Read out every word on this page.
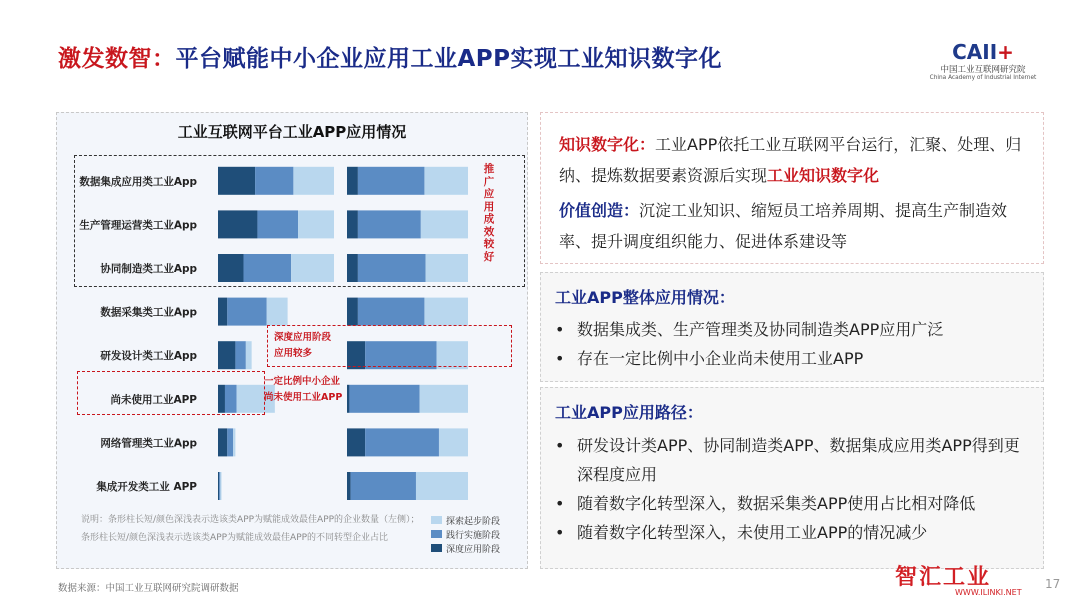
激发数智：平台赋能中小企业应用工业APP实现工业知识数字化	CAII+
中国工业互联网研究院
China Academy of Industrial Internet
工业互联网平台工业APP应用情况
数据集成应用类工业App
生产管理运营类工业App
协同制造类工业App
数据采集类工业App
研发设计类工业App
尚未使用工业APP
网络管理类工业App
集成开发类工业 APP
推广应用成效较好
深度应用阶段
应用较多
一定比例中小企业
尚未使用工业APP
说明：条形柱长短/颜色深浅表示选该类APP为赋能成效最佳APP的企业数量（左侧）；条形柱长短/颜色深浅表示选该类APP为赋能成效最佳APP的不同转型企业占比
探索起步阶段
践行实施阶段
深度应用阶段
数据来源：中国工业互联网研究院调研数据
知识数字化：工业APP依托工业互联网平台运行，汇聚、处理、归纳、提炼数据要素资源后实现工业知识数字化
价值创造：沉淀工业知识、缩短员工培养周期、提高生产制造效率、提升调度组织能力、促进体系建设等
工业APP整体应用情况：
• 数据集成类、生产管理类及协同制造类APP应用广泛
• 存在一定比例中小企业尚未使用工业APP
工业APP应用路径：
• 研发设计类APP、协同制造类APP、数据集成应用类APP得到更深程度应用
• 随着数字化转型深入，数据采集类APP使用占比相对降低
• 随着数字化转型深入，未使用工业APP的情况减少
智汇工业
WWW.ILINKI.NET
17
